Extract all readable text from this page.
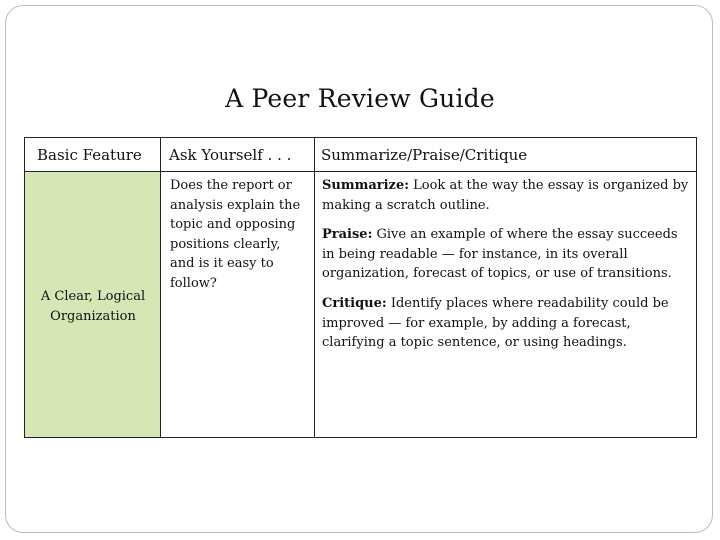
A Peer Review Guide
A Clear, Logical Organization
Basic Feature Ask Yourself . . . Summarize/Praise/Critique
Does the report or analysis explain the topic and opposing positions clearly, and is it easy to follow?

Summarize: Look at the way the essay is organized by making a scratch outline.

Praise: Give an example of where the essay succeeds in being readable — for instance, in its overall organization, forecast of topics, or use of transitions.

Critique: Identify places where readability could be improved — for example, by adding a forecast, clarifying a topic sentence, or using headings.
